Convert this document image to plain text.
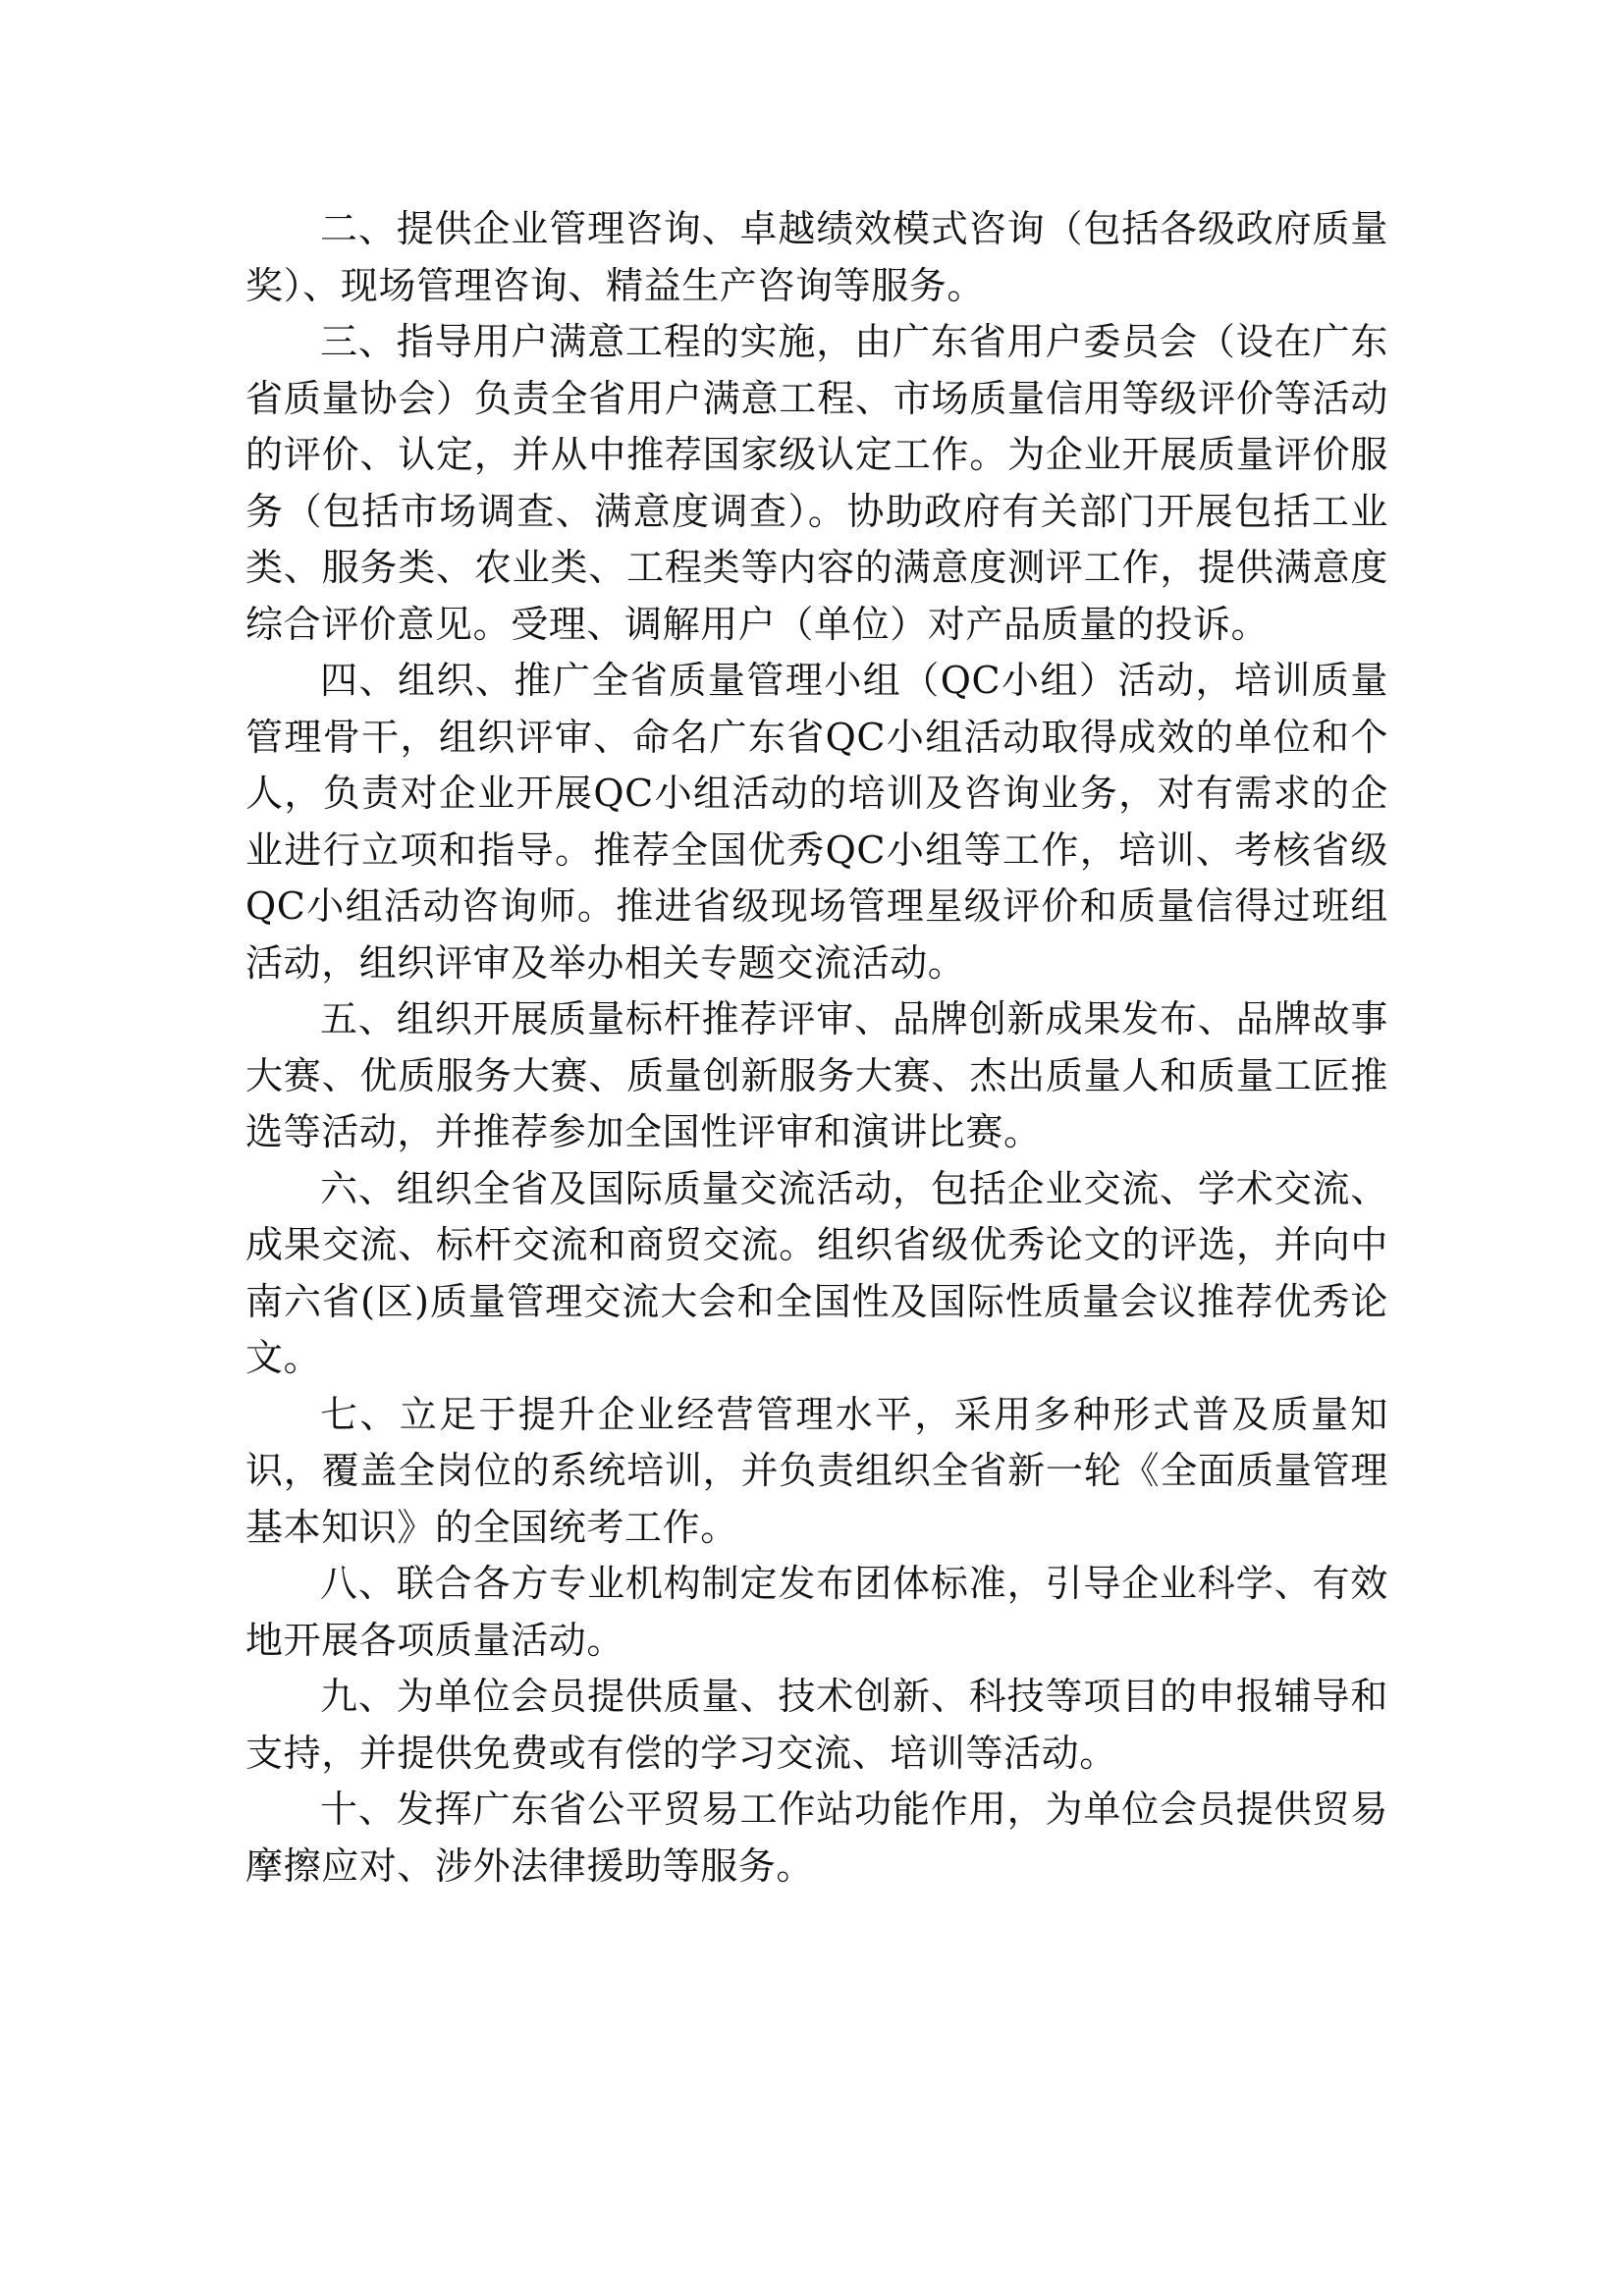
二、提供企业管理咨询、卓越绩效模式咨询（包括各级政府质量奖）、现场管理咨询、精益生产咨询等服务。

三、指导用户满意工程的实施，由广东省用户委员会（设在广东省质量协会）负责全省用户满意工程、市场质量信用等级评价等活动的评价、认定，并从中推荐国家级认定工作。为企业开展质量评价服务（包括市场调查、满意度调查）。协助政府有关部门开展包括工业类、服务类、农业类、工程类等内容的满意度测评工作，提供满意度综合评价意见。受理、调解用户（单位）对产品质量的投诉。

四、组织、推广全省质量管理小组（QC小组）活动，培训质量管理骨干，组织评审、命名广东省QC小组活动取得成效的单位和个人，负责对企业开展QC小组活动的培训及咨询业务，对有需求的企业进行立项和指导。推荐全国优秀QC小组等工作，培训、考核省级QC小组活动咨询师。推进省级现场管理星级评价和质量信得过班组活动，组织评审及举办相关专题交流活动。

五、组织开展质量标杆推荐评审、品牌创新成果发布、品牌故事大赛、优质服务大赛、质量创新服务大赛、杰出质量人和质量工匠推选等活动，并推荐参加全国性评审和演讲比赛。

六、组织全省及国际质量交流活动，包括企业交流、学术交流、成果交流、标杆交流和商贸交流。组织省级优秀论文的评选，并向中南六省(区)质量管理交流大会和全国性及国际性质量会议推荐优秀论文。

七、立足于提升企业经营管理水平，采用多种形式普及质量知识，覆盖全岗位的系统培训，并负责组织全省新一轮《全面质量管理基本知识》的全国统考工作。

八、联合各方专业机构制定发布团体标准，引导企业科学、有效地开展各项质量活动。

九、为单位会员提供质量、技术创新、科技等项目的申报辅导和支持，并提供免费或有偿的学习交流、培训等活动。

十、发挥广东省公平贸易工作站功能作用，为单位会员提供贸易摩擦应对、涉外法律援助等服务。
